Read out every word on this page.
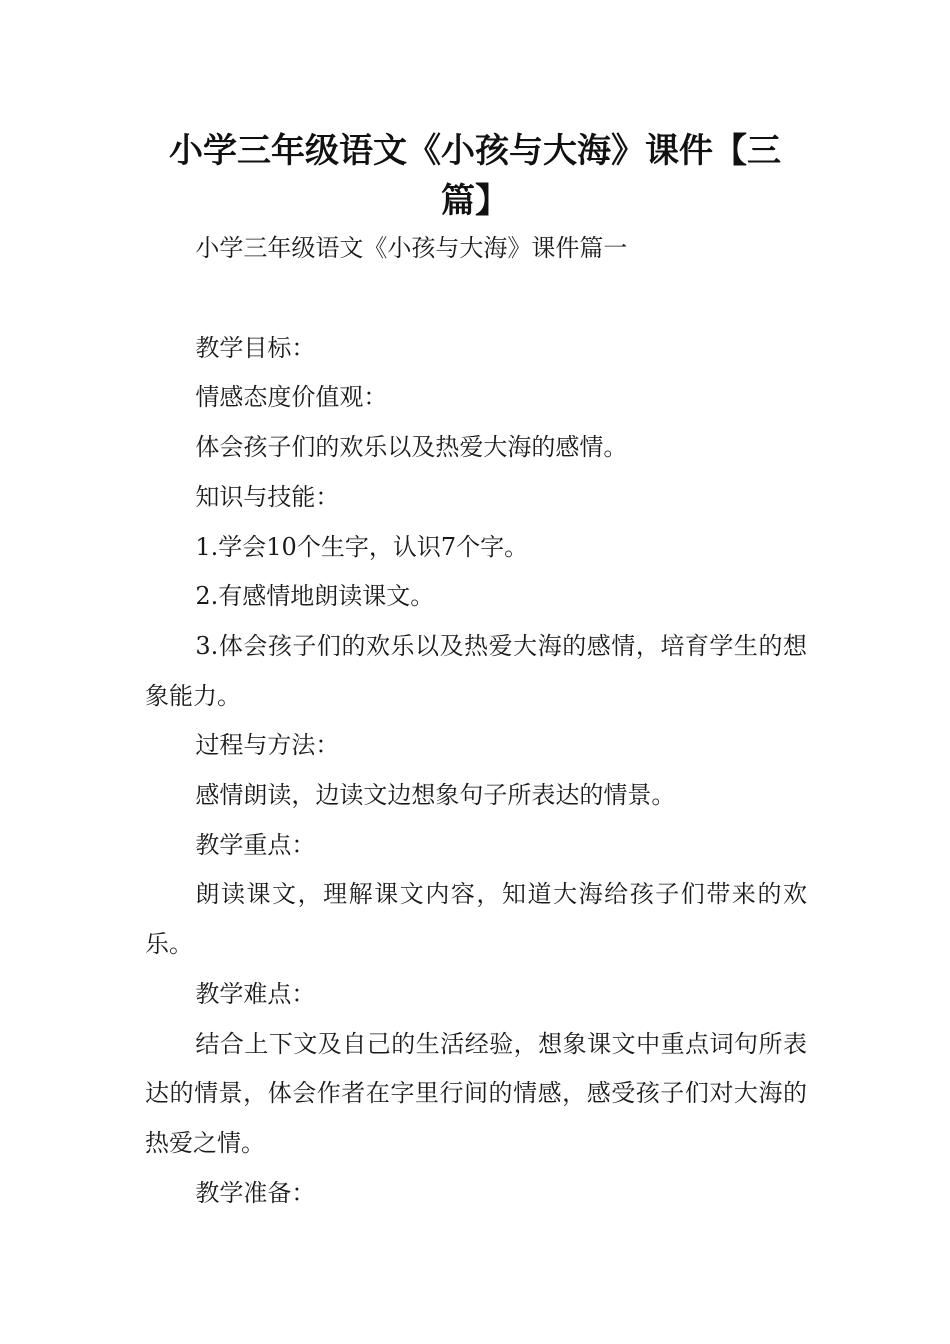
小学三年级语文《小孩与大海》课件【三篇】

小学三年级语文《小孩与大海》课件篇一

教学目标：

情感态度价值观：

体会孩子们的欢乐以及热爱大海的感情。

知识与技能：

1.学会10个生字，认识7个字。

2.有感情地朗读课文。

3.体会孩子们的欢乐以及热爱大海的感情，培育学生的想象能力。

过程与方法：

感情朗读，边读文边想象句子所表达的情景。

教学重点：

朗读课文，理解课文内容，知道大海给孩子们带来的欢乐。

教学难点：

结合上下文及自己的生活经验，想象课文中重点词句所表达的情景，体会作者在字里行间的情感，感受孩子们对大海的热爱之情。

教学准备：
